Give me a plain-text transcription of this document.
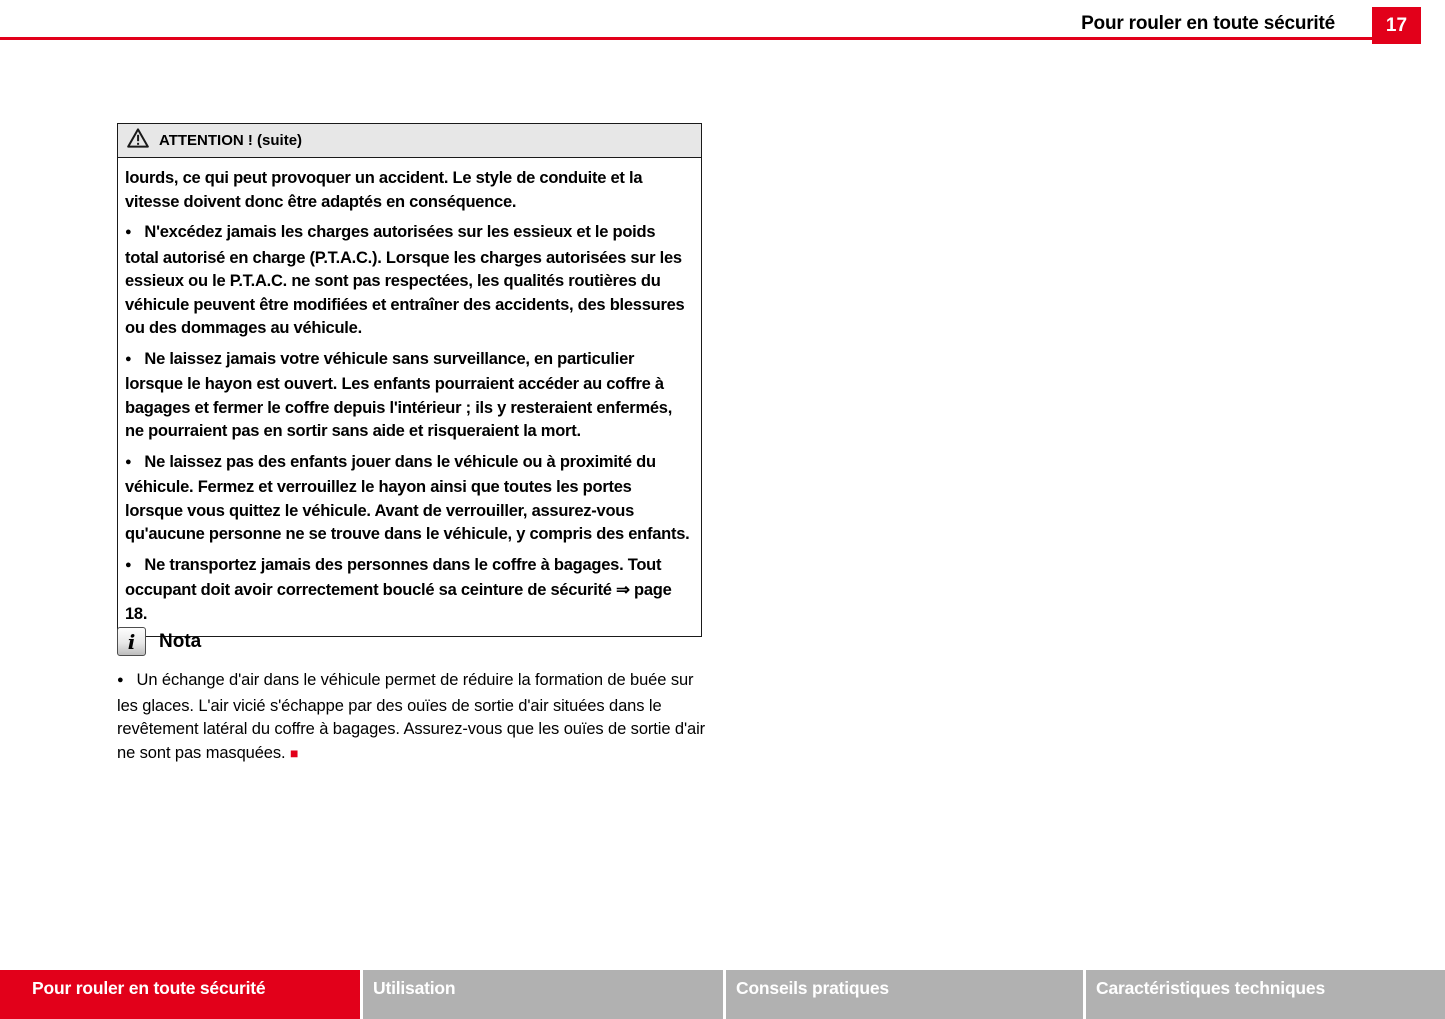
Pour rouler en toute sécurité	17
ATTENTION ! (suite)

lourds, ce qui peut provoquer un accident. Le style de conduite et la vitesse doivent donc être adaptés en conséquence.

● N'excédez jamais les charges autorisées sur les essieux et le poids total autorisé en charge (P.T.A.C.). Lorsque les charges autorisées sur les essieux ou le P.T.A.C. ne sont pas respectées, les qualités routières du véhicule peuvent être modifiées et entraîner des accidents, des blessures ou des dommages au véhicule.

● Ne laissez jamais votre véhicule sans surveillance, en particulier lorsque le hayon est ouvert. Les enfants pourraient accéder au coffre à bagages et fermer le coffre depuis l'intérieur ; ils y resteraient enfermés, ne pourraient pas en sortir sans aide et risqueraient la mort.

● Ne laissez pas des enfants jouer dans le véhicule ou à proximité du véhicule. Fermez et verrouillez le hayon ainsi que toutes les portes lorsque vous quittez le véhicule. Avant de verrouiller, assurez-vous qu'aucune personne ne se trouve dans le véhicule, y compris des enfants.

● Ne transportez jamais des personnes dans le coffre à bagages. Tout occupant doit avoir correctement bouclé sa ceinture de sécurité ⇒ page 18.

i Nota

● Un échange d'air dans le véhicule permet de réduire la formation de buée sur les glaces. L'air vicié s'échappe par des ouïes de sortie d'air situées dans le revêtement latéral du coffre à bagages. Assurez-vous que les ouïes de sortie d'air ne sont pas masquées. ■

Pour rouler en toute sécurité	Utilisation	Conseils pratiques	Caractéristiques techniques
